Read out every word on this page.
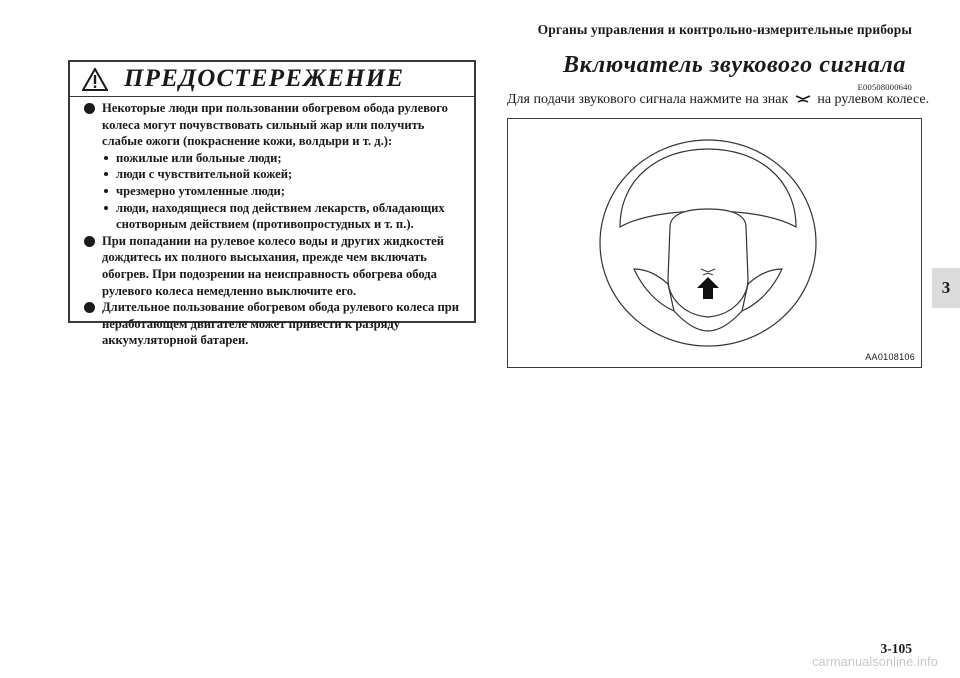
Органы управления и контрольно-измерительные приборы
3
ПРЕДОСТЕРЕЖЕНИЕ
Некоторые люди при пользовании обогревом обода рулевого колеса могут почувствовать сильный жар или получить слабые ожоги (покраснение кожи, волдыри и т. д.):
пожилые или больные люди;
люди с чувствительной кожей;
чрезмерно утомленные люди;
люди, находящиеся под действием лекарств, обладающих снотворным действием (противопростудных и т. п.).
При попадании на рулевое колесо воды и других жидкостей дождитесь их полного высыхания, прежде чем включать обогрев. При подозрении на неисправность обогрева обода рулевого колеса немедленно выключите его.
Длительное пользование обогревом обода рулевого колеса при неработающем двигателе может привести к разряду аккумуляторной батареи.
Включатель звукового сигнала
E00508000640
Для подачи звукового сигнала нажмите на знак на рулевом колесе.
AA0108106
3-105
carmanualsonline.info
